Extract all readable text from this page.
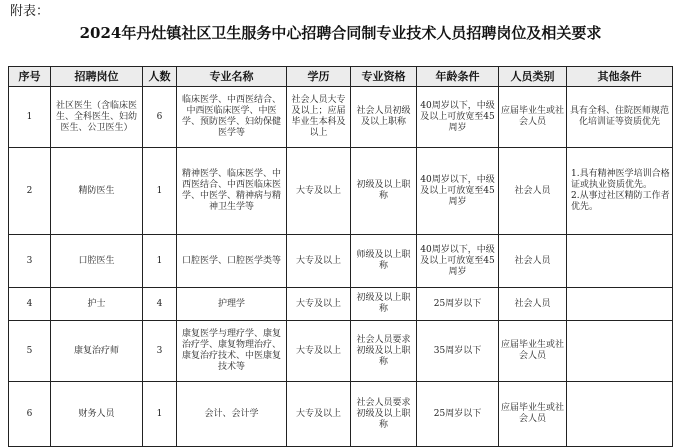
附表：
2024年丹灶镇社区卫生服务中心招聘合同制专业技术人员招聘岗位及相关要求
序号	招聘岗位	人数	专业名称	学历	专业资格	年龄条件	人员类别	其他条件
1	社区医生（含临床医生、全科医生、妇幼医生、公卫医生）	6	临床医学、中西医结合、中西医临床医学、中医学、预防医学、妇幼保健医学等	社会人员大专及以上；应届毕业生本科及以上	社会人员初级及以上职称	40周岁以下，中级及以上可放宽至45周岁	应届毕业生或社会人员	具有全科、住院医师规范化培训证等资质优先

2	精防医生	1	精神医学、临床医学、中西医结合、中西医临床医学、中医学、精神病与精神卫生学等	大专及以上	初级及以上职称	40周岁以下，中级及以上可放宽至45周岁	社会人员	1.具有精神医学培训合格证或执业资质优先。
2.从事过社区精防工作者优先。

3	口腔医生	1	口腔医学、口腔医学类等	大专及以上	师级及以上职称	40周岁以下，中级及以上可放宽至45周岁	社会人员	
4	护士	4	护理学	大专及以上	初级及以上职称	25周岁以下	社会人员	
5	康复治疗师	3	康复医学与理疗学、康复治疗学、康复物理治疗、康复治疗技术、中医康复技术等	大专及以上	社会人员要求初级及以上职称	35周岁以下	应届毕业生或社会人员	
6	财务人员	1	会计、会计学	大专及以上	社会人员要求初级及以上职称	25周岁以下	应届毕业生或社会人员	
